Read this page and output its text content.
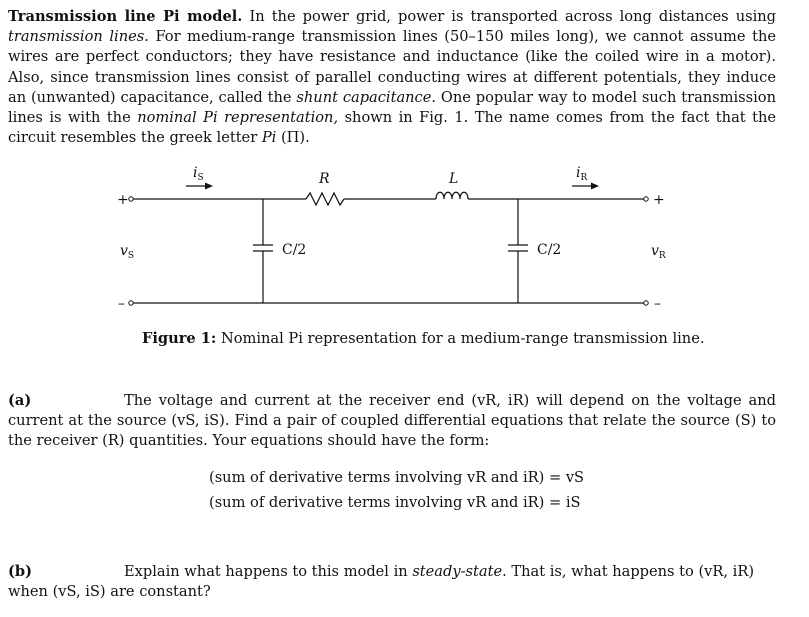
Transmission line Pi model. In the power grid, power is transported across long distances using transmission lines. For medium-range transmission lines (50–150 miles long), we cannot assume the wires are perfect conductors; they have resistance and inductance (like the coiled wire in a motor). Also, since transmission lines consist of parallel conducting wires at different potentials, they induce an (unwanted) capacitance, called the shunt capacitance. One popular way to model such transmission lines is with the nominal Pi representation, shown in Fig. 1. The name comes from the fact that the circuit resembles the greek letter Pi (Π).
+
–
+
–
$v_S$	$v_R$
$i_S$	$i_R$
R	L
C/2	C/2
Figure 1: Nominal Pi representation for a medium-range transmission line.
(a)	The voltage and current at the receiver end (vR, iR) will depend on the voltage and current at the source (vS, iS). Find a pair of coupled differential equations that relate the source (S) to the receiver (R) quantities. Your equations should have the form:
(sum of derivative terms involving vR and iR) = vS
(sum of derivative terms involving vR and iR) = iS
(b)	Explain what happens to this model in steady-state. That is, what happens to (vR, iR) when (vS, iS) are constant?
